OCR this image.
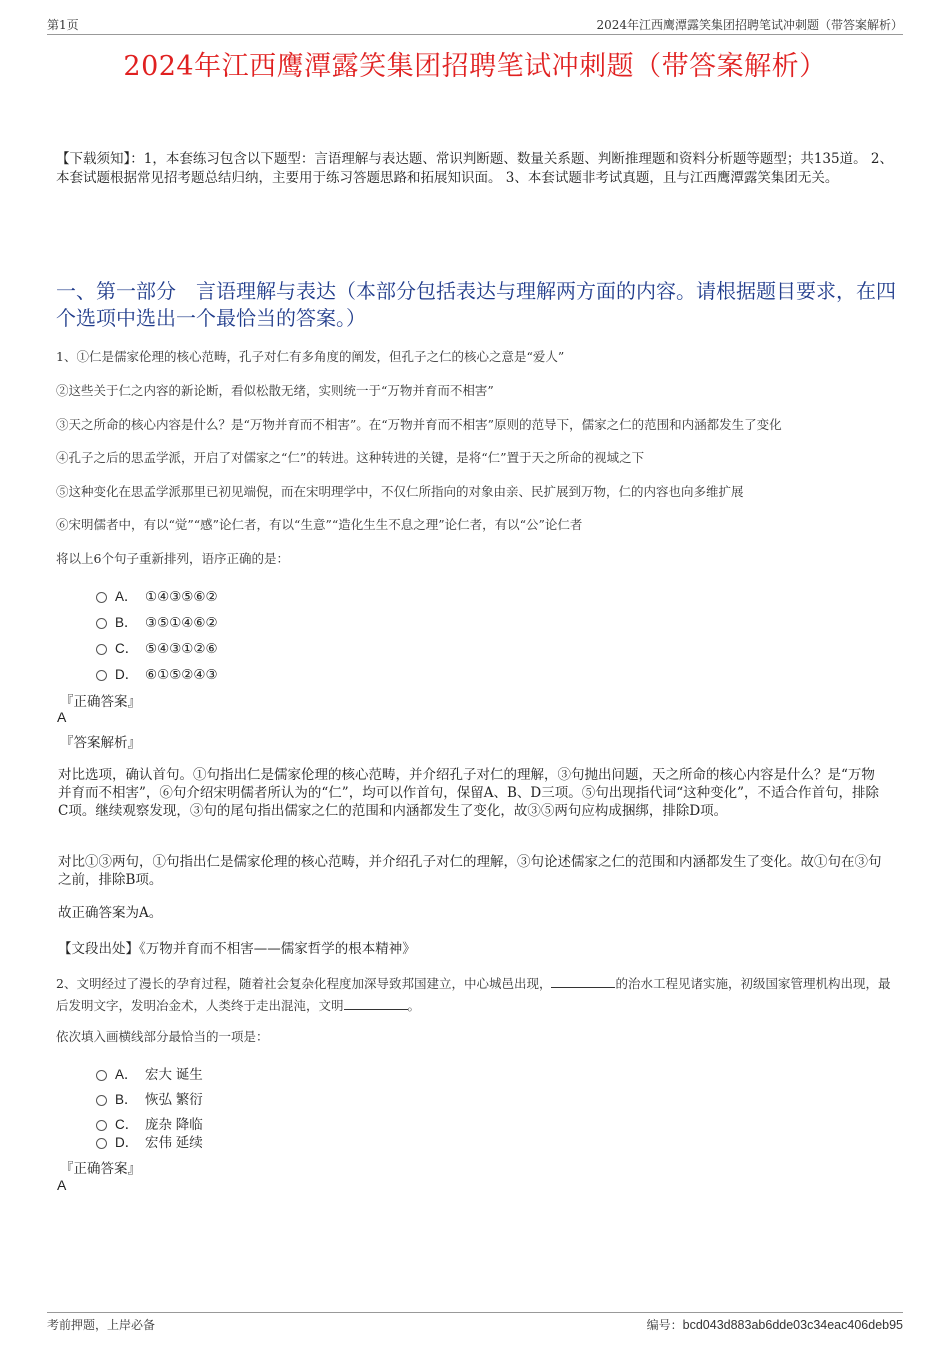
第1页	2024年江西鹰潭露笑集团招聘笔试冲刺题（带答案解析）
2024年江西鹰潭露笑集团招聘笔试冲刺题（带答案解析）
【下载须知】：1，本套练习包含以下题型：言语理解与表达题、常识判断题、数量关系题、判断推理题和资料分析题等题型；共135道。 2、本套试题根据常见招考题总结归纳，主要用于练习答题思路和拓展知识面。 3、本套试题非考试真题，且与江西鹰潭露笑集团无关。
一、第一部分　言语理解与表达（本部分包括表达与理解两方面的内容。请根据题目要求，在四个选项中选出一个最恰当的答案。）
1、①仁是儒家伦理的核心范畴，孔子对仁有多角度的阐发，但孔子之仁的核心之意是“爱人”
②这些关于仁之内容的新论断，看似松散无绪，实则统一于“万物并育而不相害”
③天之所命的核心内容是什么？是“万物并育而不相害”。在“万物并育而不相害”原则的范导下，儒家之仁的范围和内涵都发生了变化
④孔子之后的思孟学派，开启了对儒家之“仁”的转进。这种转进的关键，是将“仁”置于天之所命的视域之下
⑤这种变化在思孟学派那里已初见端倪，而在宋明理学中，不仅仁所指向的对象由亲、民扩展到万物，仁的内容也向多维扩展
⑥宋明儒者中，有以“觉”“感”论仁者，有以“生意”“造化生生不息之理”论仁者，有以“公”论仁者
将以上6个句子重新排列，语序正确的是：
A． ①④③⑤⑥②
B． ③⑤①④⑥②
C． ⑤④③①②⑥
D． ⑥①⑤②④③
『正确答案』
A
『答案解析』
对比选项，确认首句。①句指出仁是儒家伦理的核心范畴，并介绍孔子对仁的理解，③句抛出问题，天之所命的核心内容是什么？是“万物并育而不相害”，⑥句介绍宋明儒者所认为的“仁”，均可以作首句，保留A、B、D三项。⑤句出现指代词“这种变化”，不适合作首句，排除C项。继续观察发现，③句的尾句指出儒家之仁的范围和内涵都发生了变化，故③⑤两句应构成捆绑，排除D项。
对比①③两句，①句指出仁是儒家伦理的核心范畴，并介绍孔子对仁的理解，③句论述儒家之仁的范围和内涵都发生了变化。故①句在③句之前，排除B项。
故正确答案为A。
【文段出处】《万物并育而不相害——儒家哲学的根本精神》
2、文明经过了漫长的孕育过程，随着社会复杂化程度加深导致邦国建立，中心城邑出现，	的治水工程见诸实施，初级国家管理机构出现，最后发明文字，发明冶金术，人类终于走出混沌，文明	。
依次填入画横线部分最恰当的一项是：
A． 宏大 诞生
B． 恢弘 繁衍
C． 庞杂 降临
D． 宏伟 延续
『正确答案』
A
考前押题，上岸必备	编号：bcd043d883ab6dde03c34eac406deb95
